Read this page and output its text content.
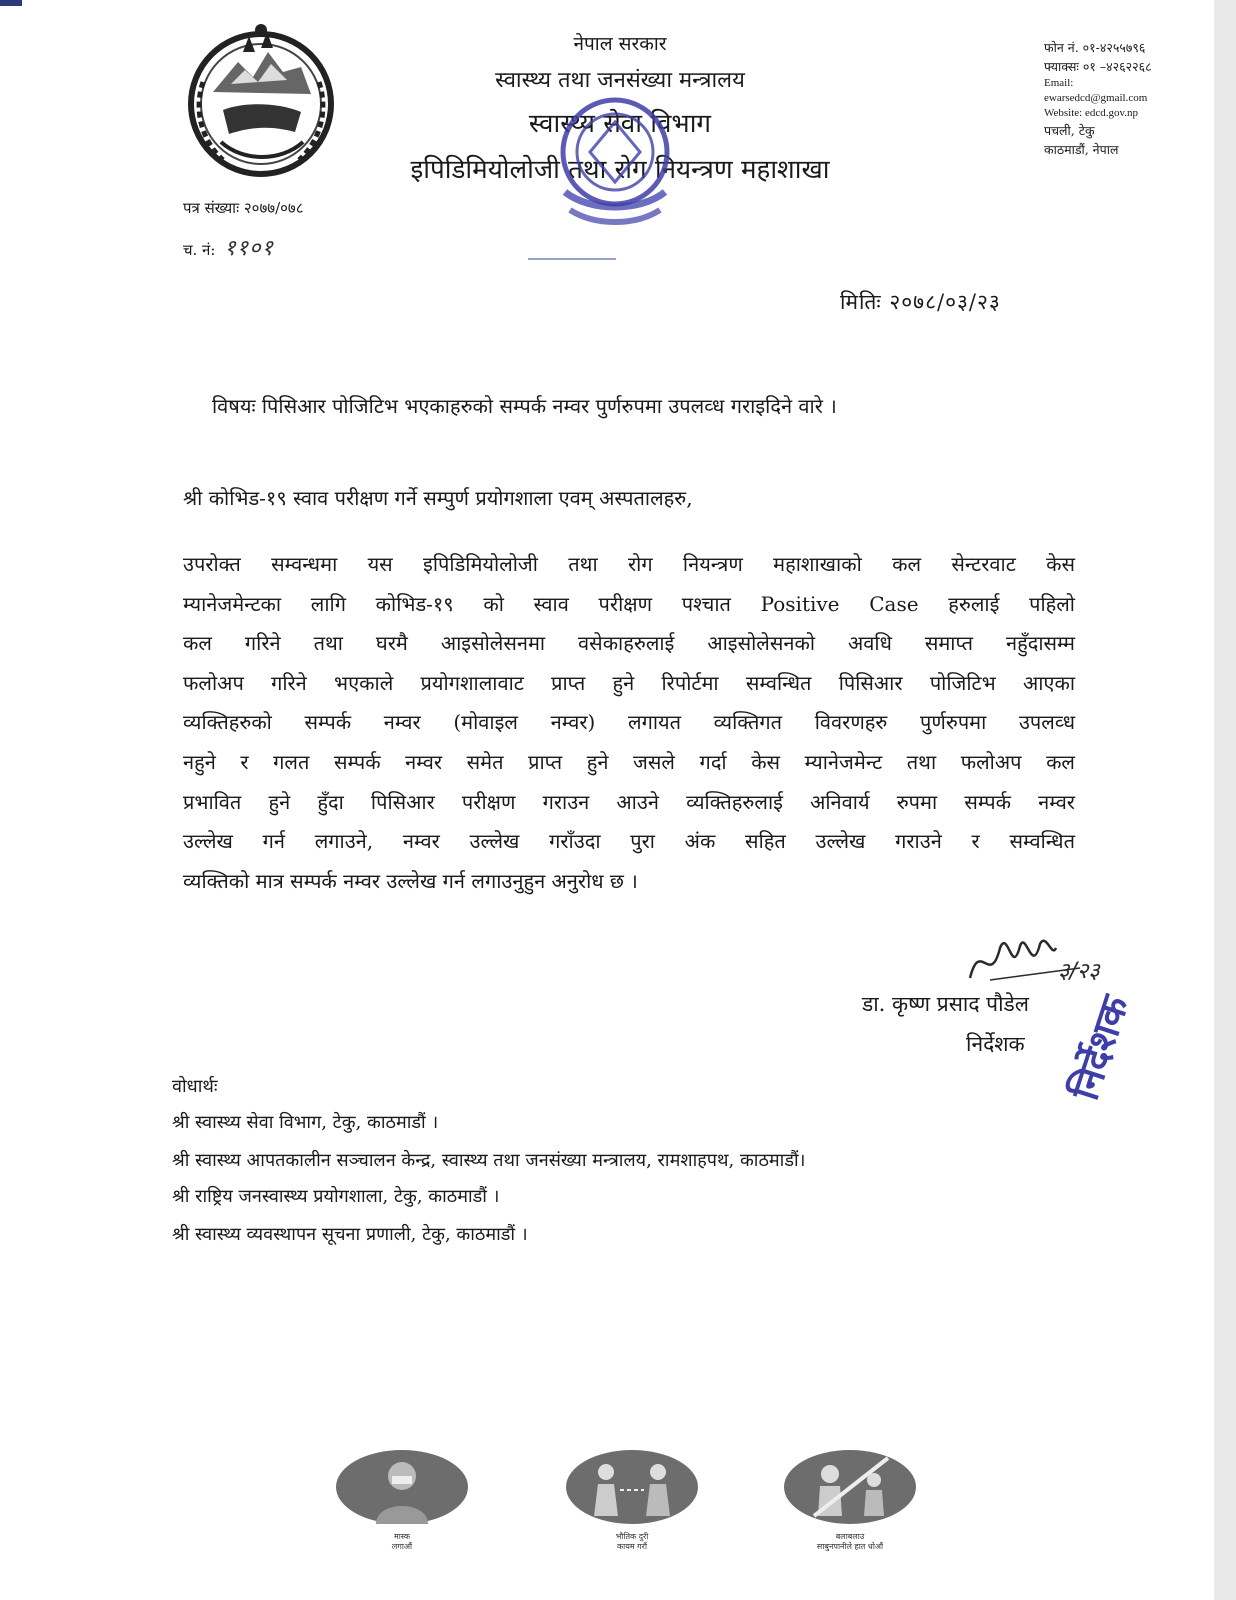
नेपाल सरकार
स्वास्थ्य तथा जनसंख्या मन्त्रालय
स्वास्थ्य सेवा विभाग
इपिडिमियोलोजी तथा रोग नियन्त्रण महाशाखा
फोन नं. ०१-४२५५७९६
फ्याक्सः ०१ –४२६२२६८
Email:
ewarsedcd@gmail.com
Website: edcd.gov.np
पचली, टेकु
काठमाडौं, नेपाल
पत्र संख्याः २०७७/०७८
च. नं: ११०१
मितिः २०७८/०३/२३
विषयः पिसिआर पोजिटिभ भएकाहरुको सम्पर्क नम्वर पुर्णरुपमा उपलव्ध गराइदिने वारे ।
श्री कोभिड-१९ स्वाव परीक्षण गर्ने सम्पुर्ण प्रयोगशाला एवम् अस्पतालहरु,
उपरोक्त सम्वन्धमा यस इपिडिमियोलोजी तथा रोग नियन्त्रण महाशाखाको कल सेन्टरवाट केस
म्यानेजमेन्टका लागि कोभिड-१९ को स्वाव परीक्षण पश्चात Positive Case हरुलाई पहिलो
कल गरिने तथा घरमै आइसोलेसनमा वसेकाहरुलाई आइसोलेसनको अवधि समाप्त नहुँदासम्म
फलोअप गरिने भएकाले प्रयोगशालावाट प्राप्त हुने रिपोर्टमा सम्वन्धित पिसिआर पोजिटिभ आएका
व्यक्तिहरुको सम्पर्क नम्वर (मोवाइल नम्वर) लगायत व्यक्तिगत विवरणहरु पुर्णरुपमा उपलव्ध
नहुने र गलत सम्पर्क नम्वर समेत प्राप्त हुने जसले गर्दा केस म्यानेजमेन्ट तथा फलोअप कल
प्रभावित हुने हुँदा पिसिआर परीक्षण गराउन आउने व्यक्तिहरुलाई अनिवार्य रुपमा सम्पर्क नम्वर
उल्लेख गर्न लगाउने, नम्वर उल्लेख गराँउदा पुरा अंक सहित उल्लेख गराउने र सम्वन्धित
व्यक्तिको मात्र सम्पर्क नम्वर उल्लेख गर्न लगाउनुहुन अनुरोध छ ।
३/२३
डा. कृष्ण प्रसाद पौडेल
निर्देशक निर्देशक
वोधार्थः
श्री स्वास्थ्य सेवा विभाग, टेकु, काठमाडौं ।
श्री स्वास्थ्य आपतकालीन सञ्चालन केन्द्र, स्वास्थ्य तथा जनसंख्या मन्त्रालय, रामशाहपथ, काठमाडौं।
श्री राष्ट्रिय जनस्वास्थ्य प्रयोगशाला, टेकु, काठमाडौं ।
श्री स्वास्थ्य व्यवस्थापन सूचना प्रणाली, टेकु, काठमाडौं ।
मास्क
लगाऔं
भौतिक दुरी
कायम गरौं
बलाबलाउ
साबुनपानीले हात धोऔं
